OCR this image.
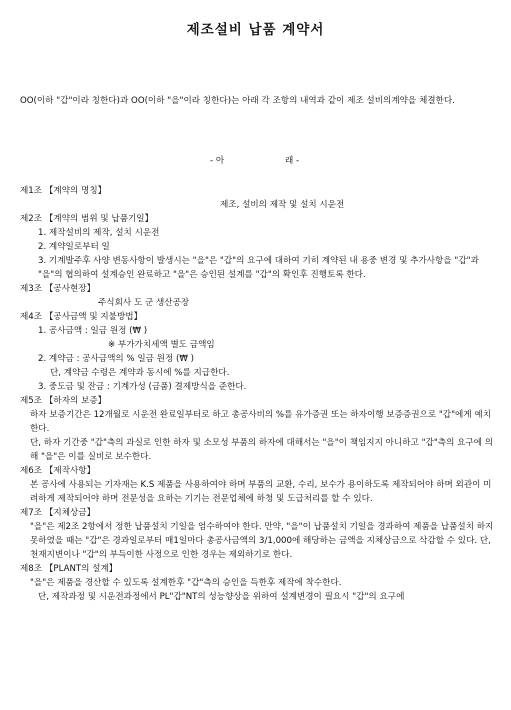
제조설비 납품 계약서
OO(이하 "갑"이라 칭한다)과 OO(이하 "을"이라 칭한다)는 아래 각 조항의 내역과 같이 제조 설비의계약을 체결한다.
- 아	래 -
제1조 【계약의 명칭】
제조, 설비의 제작 및 설치 시운전
제2조 【계약의 범위 및 납품기일】
1. 제작설비의 제작, 설치 시운전
2. 계약일로부터 일
3. 기계발주후 사양 변동사항이 발생시는 "을"은 "갑"의 요구에 대하여 기히 계약된 내 용중 변경 및 추가사항을 "갑"과 "을"의 협의하여 설계승인 완료하고 "을"은 승인된 설계를 "갑"의 확인후 진행토록 한다.
제3조 【공사현장】
주식회사 도 군 생산공장
제4조 【공사금액 및 지불방법】
1. 공사금액 : 일금 원정 (₩ )
※ 부가가치세액 별도 금액임
2. 계약금 : 공사금액의 % 일금 원정 (₩ )
단, 계약금 수령은 계약과 동시에 %를 지급한다.
3. 중도금 및 잔금 : 기계가성 (금품) 결제방식을 준한다.
제5조 【하자의 보증】
하자 보증기간은 12개월로 시운전 완료일부터로 하고 총공사비의 %를 유가증권 또는 하자이행 보증증권으로 "갑"에게 예치한다.
단, 하자 기간중 "갑"측의 과실로 인한 하자 및 소모성 부품의 하자에 대해서는 "을"이 책임지지 아니하고 "갑"측의 요구에 의해 "을"은 이를 실비로 보수한다.
제6조 【제작사항】
본 공사에 사용되는 기자재는 K.S 제품을 사용하여야 하며 부품의 교환, 수리, 보수가 용이하도록 제작되어야 하며 외관이 미려하게 제작되어야 하며 전문성을 요하는 기기는 전문업체에 하청 및 도급처리를 할 수 있다.
제7조 【지체상금】
"을"은 제2조 2항에서 정한 납품설치 기일을 엄수하여야 한다. 만약, "을"이 납품설치 기일을 경과하여 제품을 납품설치 하지 못하였을 때는 "갑"은 경과일로부터 매1일마다 총공사금액의 3/1,000에 해당하는 금액을 지체상금으로 삭감할 수 있다. 단, 천재지변이나 "갑"의 부득이한 사정으로 인한 경우는 제외하기로 한다.
제8조 【PLANT의 설계】
"을"은 제품을 경산할 수 있도록 설계한후 "갑"측의 승인을 득한후 제작에 착수한다.
단, 제작과정 및 시운전과정에서 PL"갑"NT의 성능향상을 위하여 설계변경이 필요시 "갑"의 요구에
